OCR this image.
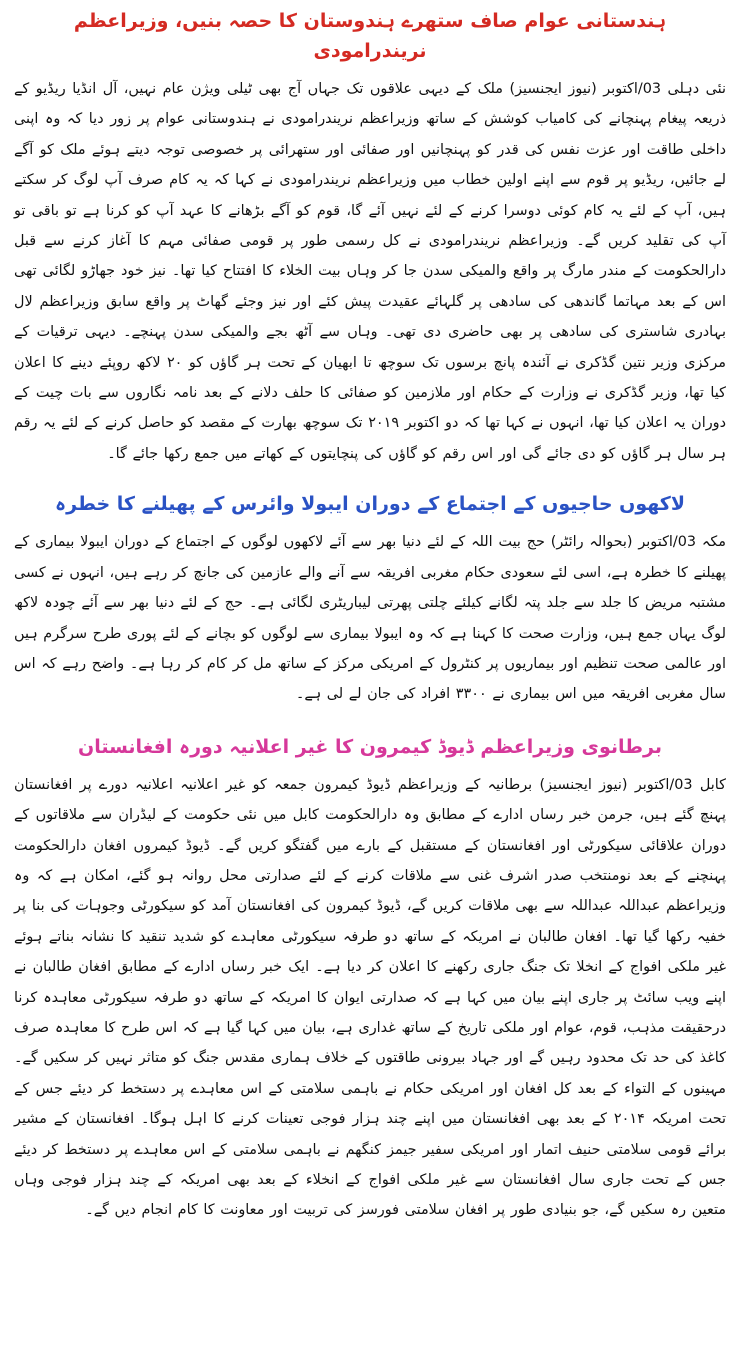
ہندستانی عوام صاف ستھرے ہندوستان کا حصہ بنیں، وزیراعظم نریندرامودی
نئی دہلی 03/اکتوبر (نیوز ایجنسیز) ملک کے دیہی علاقوں تک جہاں آج بھی ٹیلی ویژن عام نہیں، آل انڈیا ریڈیو کے ذریعہ پیغام پہنچانے کی کامیاب کوشش کے ساتھ وزیراعظم نریندرامودی نے ہندوستانی عوام پر زور دیا کہ وہ اپنی داخلی طاقت اور عزت نفس کی قدر کو پہنچانیں اور صفائی اور ستھرائی پر خصوصی توجہ دیتے ہوئے ملک کو آگے لے جائیں، ریڈیو پر قوم سے اپنے اولین خطاب میں وزیراعظم نریندرامودی نے کہا کہ یہ کام صرف آپ لوگ کر سکتے ہیں، آپ کے لئے یہ کام کوئی دوسرا کرنے کے لئے نہیں آئے گا، قوم کو آگے بڑھانے کا عہد آپ کو کرنا ہے تو باقی تو آپ کی تقلید کریں گے۔ وزیراعظم نریندرامودی نے کل رسمی طور پر قومی صفائی مہم کا آغاز کرنے سے قبل دارالحکومت کے مندر مارگ پر واقع والمیکی سدن جا کر وہاں بیت الخلاء کا افتتاح کیا تھا۔ نیز خود جھاڑو لگائی تھی اس کے بعد مہاتما گاندھی کی سادھی پر گلہائے عقیدت پیش کئے اور نیز وجئے گھاٹ پر واقع سابق وزیراعظم لال بہادری شاستری کی سادھی پر بھی حاضری دی تھی۔ وہاں سے آٹھ بجے والمیکی سدن پہنچے۔ دیہی ترقیات کے مرکزی وزیر نتین گڈکری نے آئندہ پانچ برسوں تک سوچھ تا ابھیان کے تحت ہر گاؤں کو ۲۰ لاکھ روپئے دینے کا اعلان کیا تھا، وزیر گڈکری نے وزارت کے حکام اور ملازمین کو صفائی کا حلف دلانے کے بعد نامہ نگاروں سے بات چیت کے دوران یہ اعلان کیا تھا، انہوں نے کہا تھا کہ دو اکتوبر ۲۰۱۹ تک سوچھ بھارت کے مقصد کو حاصل کرنے کے لئے یہ رقم ہر سال ہر گاؤں کو دی جائے گی اور اس رقم کو گاؤں کی پنچایتوں کے کھاتے میں جمع رکھا جائے گا۔
لاکھوں حاجیوں کے اجتماع کے دوران ایبولا وائرس کے پھیلنے کا خطرہ
مکہ 03/اکتوبر (بحوالہ رائٹر) حج بیت اللہ کے لئے دنیا بھر سے آئے لاکھوں لوگوں کے اجتماع کے دوران ایبولا بیماری کے پھیلنے کا خطرہ ہے، اسی لئے سعودی حکام مغربی افریقہ سے آنے والے عازمین کی جانچ کر رہے ہیں، انہوں نے کسی مشتبہ مریض کا جلد سے جلد پتہ لگانے کیلئے چلتی پھرتی لیباریٹری لگائی ہے۔ حج کے لئے دنیا بھر سے آئے چودہ لاکھ لوگ یہاں جمع ہیں، وزارت صحت کا کہنا ہے کہ وہ ایبولا بیماری سے لوگوں کو بچانے کے لئے پوری طرح سرگرم ہیں اور عالمی صحت تنظیم اور بیماریوں پر کنٹرول کے امریکی مرکز کے ساتھ مل کر کام کر رہا ہے۔ واضح رہے کہ اس سال مغربی افریقہ میں اس بیماری نے ۳۳۰۰ افراد کی جان لے لی ہے۔
برطانوی وزیراعظم ڈیوڈ کیمرون کا غیر اعلانیہ دورہ افغانستان
کابل 03/اکتوبر (نیوز ایجنسیز) برطانیہ کے وزیراعظم ڈیوڈ کیمرون جمعہ کو غیر اعلانیہ اعلانیہ دورے پر افغانستان پہنچ گئے ہیں، جرمن خبر رساں ادارے کے مطابق وہ دارالحکومت کابل میں نئی حکومت کے لیڈران سے ملاقاتوں کے دوران علاقائی سیکورٹی اور افغانستان کے مستقبل کے بارے میں گفتگو کریں گے۔ ڈیوڈ کیمروں افغان دارالحکومت پہنچنے کے بعد نومنتخب صدر اشرف غنی سے ملاقات کرنے کے لئے صدارتی محل روانہ ہو گئے، امکان ہے کہ وہ وزیراعظم عبداللہ عبداللہ سے بھی ملاقات کریں گے، ڈیوڈ کیمرون کی افغانستان آمد کو سیکورٹی وجوہات کی بنا پر خفیہ رکھا گیا تھا۔ افغان طالبان نے امریکہ کے ساتھ دو طرفہ سیکورٹی معاہدے کو شدید تنقید کا نشانہ بناتے ہوئے غیر ملکی افواج کے انخلا تک جنگ جاری رکھنے کا اعلان کر دیا ہے۔ ایک خبر رساں ادارے کے مطابق افغان طالبان نے اپنے ویب سائٹ پر جاری اپنے بیان میں کہا ہے کہ صدارتی ایوان کا امریکہ کے ساتھ دو طرفہ سیکورٹی معاہدہ کرنا درحقیقت مذہب، قوم، عوام اور ملکی تاریخ کے ساتھ غداری ہے، بیان میں کہا گیا ہے کہ اس طرح کا معاہدہ صرف کاغذ کی حد تک محدود رہیں گے اور جہاد بیرونی طاقتوں کے خلاف ہماری مقدس جنگ کو متاثر نہیں کر سکیں گے۔ مہینوں کے التواء کے بعد کل افغان اور امریکی حکام نے باہمی سلامتی کے اس معاہدے پر دستخط کر دیئے جس کے تحت امریکہ ۲۰۱۴ کے بعد بھی افغانستان میں اپنے چند ہزار فوجی تعینات کرنے کا اہل ہوگا۔ افغانستان کے مشیر برائے قومی سلامتی حنیف اتمار اور امریکی سفیر جیمز کنگھم نے باہمی سلامتی کے اس معاہدے پر دستخط کر دیئے جس کے تحت جاری سال افغانستان سے غیر ملکی افواج کے انخلاء کے بعد بھی امریکہ کے چند ہزار فوجی وہاں متعین رہ سکیں گے، جو بنیادی طور پر افغان سلامتی فورسز کی تربیت اور معاونت کا کام انجام دیں گے۔
